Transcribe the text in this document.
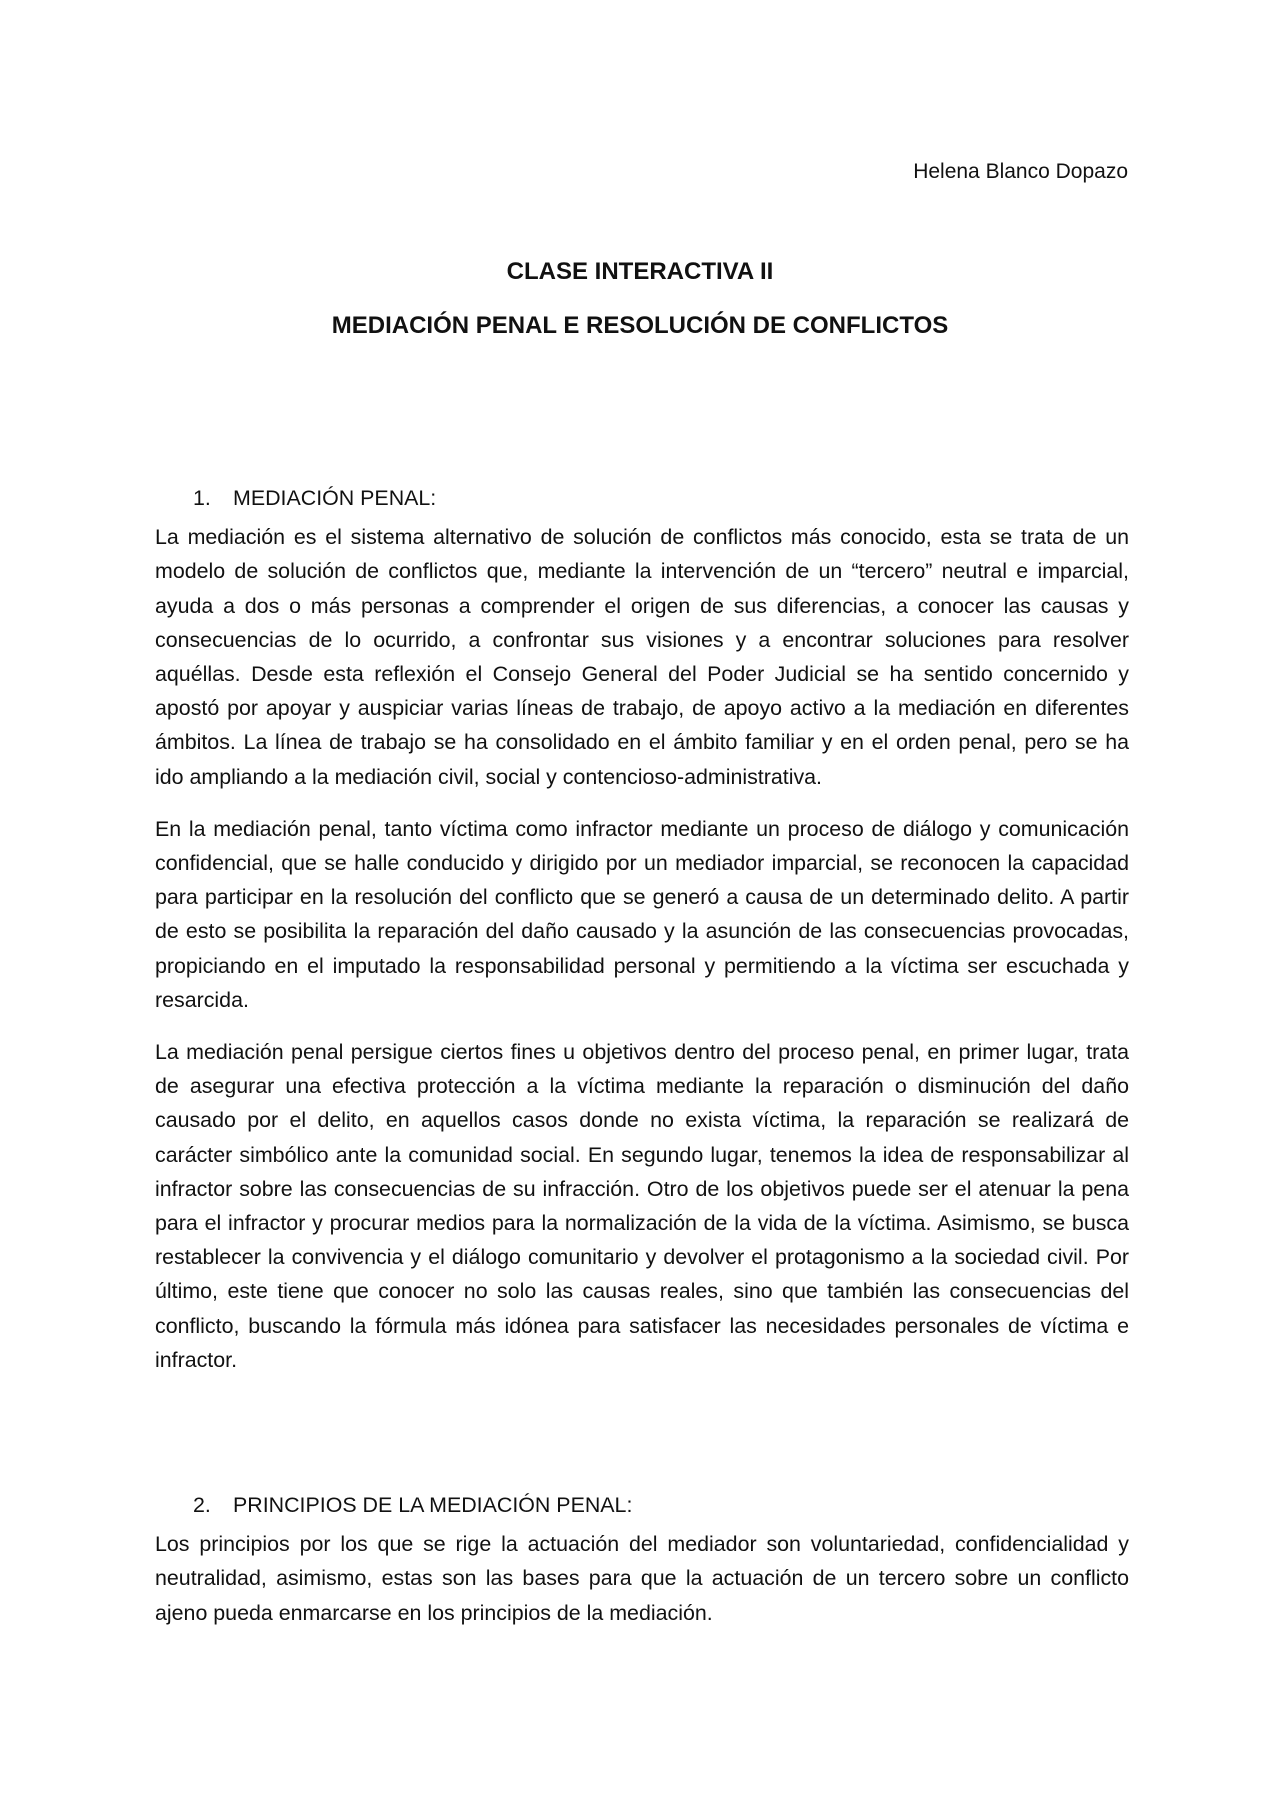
Helena Blanco Dopazo

CLASE INTERACTIVA II

MEDIACIÓN PENAL E RESOLUCIÓN DE CONFLICTOS

1. MEDIACIÓN PENAL:

La mediación es el sistema alternativo de solución de conflictos más conocido, esta se trata de un modelo de solución de conflictos que, mediante la intervención de un “tercero” neutral e imparcial, ayuda a dos o más personas a comprender el origen de sus diferencias, a conocer las causas y consecuencias de lo ocurrido, a confrontar sus visiones y a encontrar soluciones para resolver aquéllas. Desde esta reflexión el Consejo General del Poder Judicial se ha sentido concernido y apostó por apoyar y auspiciar varias líneas de trabajo, de apoyo activo a la mediación en diferentes ámbitos. La línea de trabajo se ha consolidado en el ámbito familiar y en el orden penal, pero se ha ido ampliando a la mediación civil, social y contencioso-administrativa.

En la mediación penal, tanto víctima como infractor mediante un proceso de diálogo y comunicación confidencial, que se halle conducido y dirigido por un mediador imparcial, se reconocen la capacidad para participar en la resolución del conflicto que se generó a causa de un determinado delito. A partir de esto se posibilita la reparación del daño causado y la asunción de las consecuencias provocadas, propiciando en el imputado la responsabilidad personal y permitiendo a la víctima ser escuchada y resarcida.

La mediación penal persigue ciertos fines u objetivos dentro del proceso penal, en primer lugar, trata de asegurar una efectiva protección a la víctima mediante la reparación o disminución del daño causado por el delito, en aquellos casos donde no exista víctima, la reparación se realizará de carácter simbólico ante la comunidad social. En segundo lugar, tenemos la idea de responsabilizar al infractor sobre las consecuencias de su infracción. Otro de los objetivos puede ser el atenuar la pena para el infractor y procurar medios para la normalización de la vida de la víctima. Asimismo, se busca restablecer la convivencia y el diálogo comunitario y devolver el protagonismo a la sociedad civil. Por último, este tiene que conocer no solo las causas reales, sino que también las consecuencias del conflicto, buscando la fórmula más idónea para satisfacer las necesidades personales de víctima e infractor.

2. PRINCIPIOS DE LA MEDIACIÓN PENAL:

Los principios por los que se rige la actuación del mediador son voluntariedad, confidencialidad y neutralidad, asimismo, estas son las bases para que la actuación de un tercero sobre un conflicto ajeno pueda enmarcarse en los principios de la mediación.
